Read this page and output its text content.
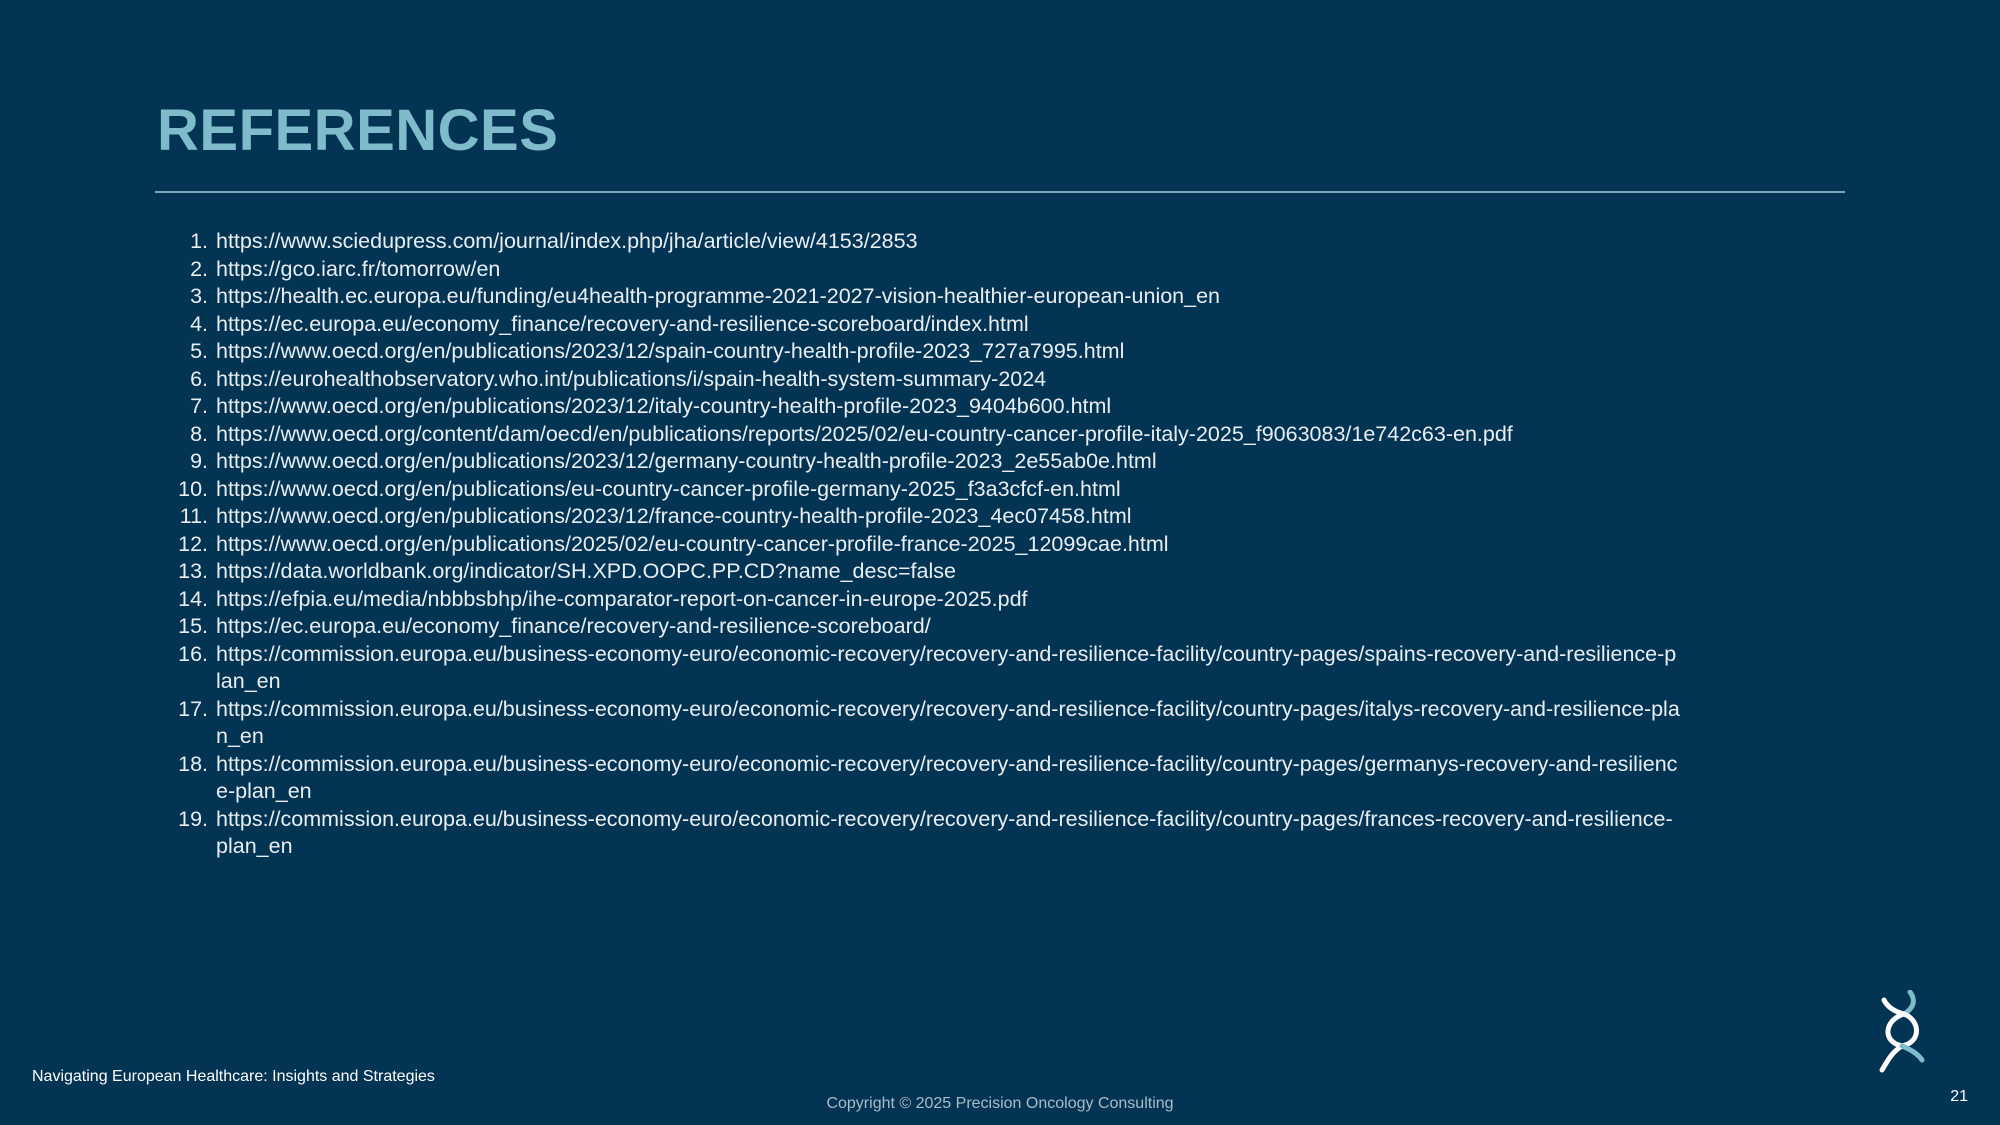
REFERENCES
1. https://www.sciedupress.com/journal/index.php/jha/article/view/4153/2853
2. https://gco.iarc.fr/tomorrow/en
3. https://health.ec.europa.eu/funding/eu4health-programme-2021-2027-vision-healthier-european-union_en
4. https://ec.europa.eu/economy_finance/recovery-and-resilience-scoreboard/index.html
5. https://www.oecd.org/en/publications/2023/12/spain-country-health-profile-2023_727a7995.html
6. https://eurohealthobservatory.who.int/publications/i/spain-health-system-summary-2024
7. https://www.oecd.org/en/publications/2023/12/italy-country-health-profile-2023_9404b600.html
8. https://www.oecd.org/content/dam/oecd/en/publications/reports/2025/02/eu-country-cancer-profile-italy-2025_f9063083/1e742c63-en.pdf
9. https://www.oecd.org/en/publications/2023/12/germany-country-health-profile-2023_2e55ab0e.html
10. https://www.oecd.org/en/publications/eu-country-cancer-profile-germany-2025_f3a3cfcf-en.html
11. https://www.oecd.org/en/publications/2023/12/france-country-health-profile-2023_4ec07458.html
12. https://www.oecd.org/en/publications/2025/02/eu-country-cancer-profile-france-2025_12099cae.html
13. https://data.worldbank.org/indicator/SH.XPD.OOPC.PP.CD?name_desc=false
14. https://efpia.eu/media/nbbbsbhp/ihe-comparator-report-on-cancer-in-europe-2025.pdf
15. https://ec.europa.eu/economy_finance/recovery-and-resilience-scoreboard/
16. https://commission.europa.eu/business-economy-euro/economic-recovery/recovery-and-resilience-facility/country-pages/spains-recovery-and-resilience-plan_en
17. https://commission.europa.eu/business-economy-euro/economic-recovery/recovery-and-resilience-facility/country-pages/italys-recovery-and-resilience-plan_en
18. https://commission.europa.eu/business-economy-euro/economic-recovery/recovery-and-resilience-facility/country-pages/germanys-recovery-and-resilience-plan_en
19. https://commission.europa.eu/business-economy-euro/economic-recovery/recovery-and-resilience-facility/country-pages/frances-recovery-and-resilience-plan_en
Navigating European Healthcare: Insights and Strategies
Copyright © 2025 Precision Oncology Consulting	21
